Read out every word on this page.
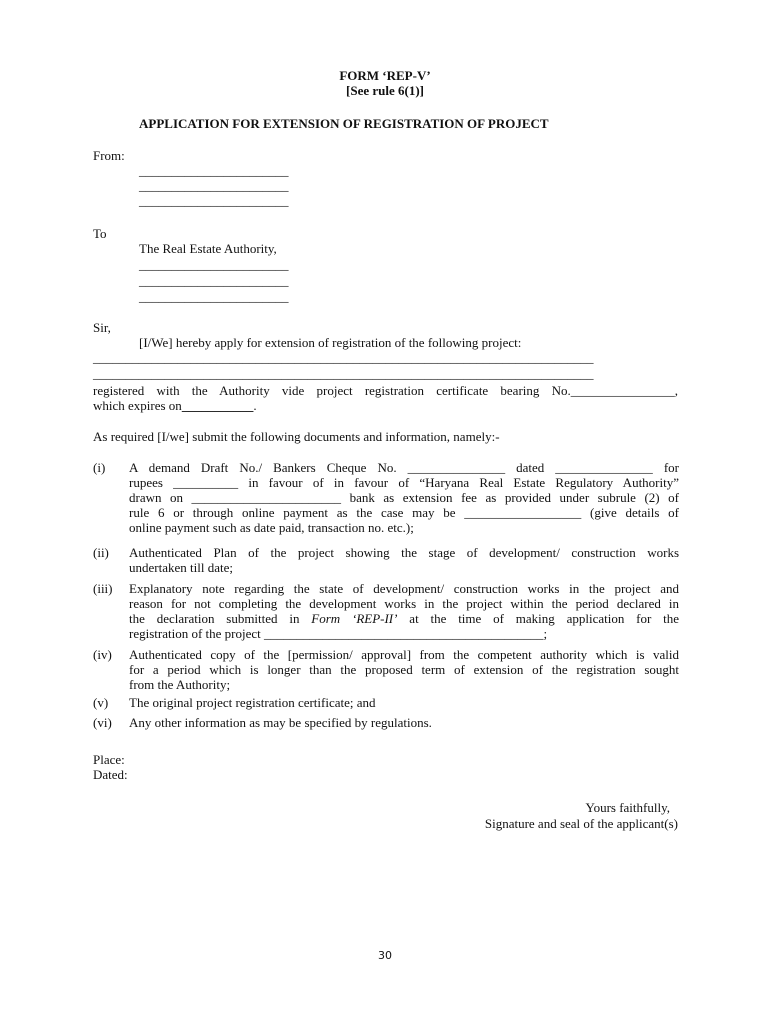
FORM ‘REP-V’
[See rule 6(1)]
APPLICATION FOR EXTENSION OF REGISTRATION OF PROJECT
From:
_______________________
_______________________
_______________________
To
The Real Estate Authority,
_______________________
_______________________
_______________________
Sir,
[I/We] hereby apply for extension of registration of the following project:
_____________________________________________________________________________
_____________________________________________________________________________
registered with the Authority vide project registration certificate bearing No.________________,
which expires on___________.
As required [I/we] submit the following documents and information, namely:-
(i) A demand Draft No./ Bankers Cheque No. _______________ dated _______________ for
rupees __________ in favour of in favour of “Haryana Real Estate Regulatory Authority”
drawn on _______________________ bank as extension fee as provided under subrule (2) of
rule 6 or through online payment as the case may be __________________ (give details of
online payment such as date paid, transaction no. etc.);
(ii) Authenticated Plan of the project showing the stage of development/ construction works
undertaken till date;
(iii) Explanatory note regarding the state of development/ construction works in the project and
reason for not completing the development works in the project within the period declared in
the declaration submitted in Form ‘REP-II’ at the time of making application for the
registration of the project ___________________________________________;
(iv) Authenticated copy of the [permission/ approval] from the competent authority which is valid
for a period which is longer than the proposed term of extension of the registration sought
from the Authority;
(v) The original project registration certificate; and
(vi) Any other information as may be specified by regulations.
Place:
Dated:
Yours faithfully,
Signature and seal of the applicant(s)
30
